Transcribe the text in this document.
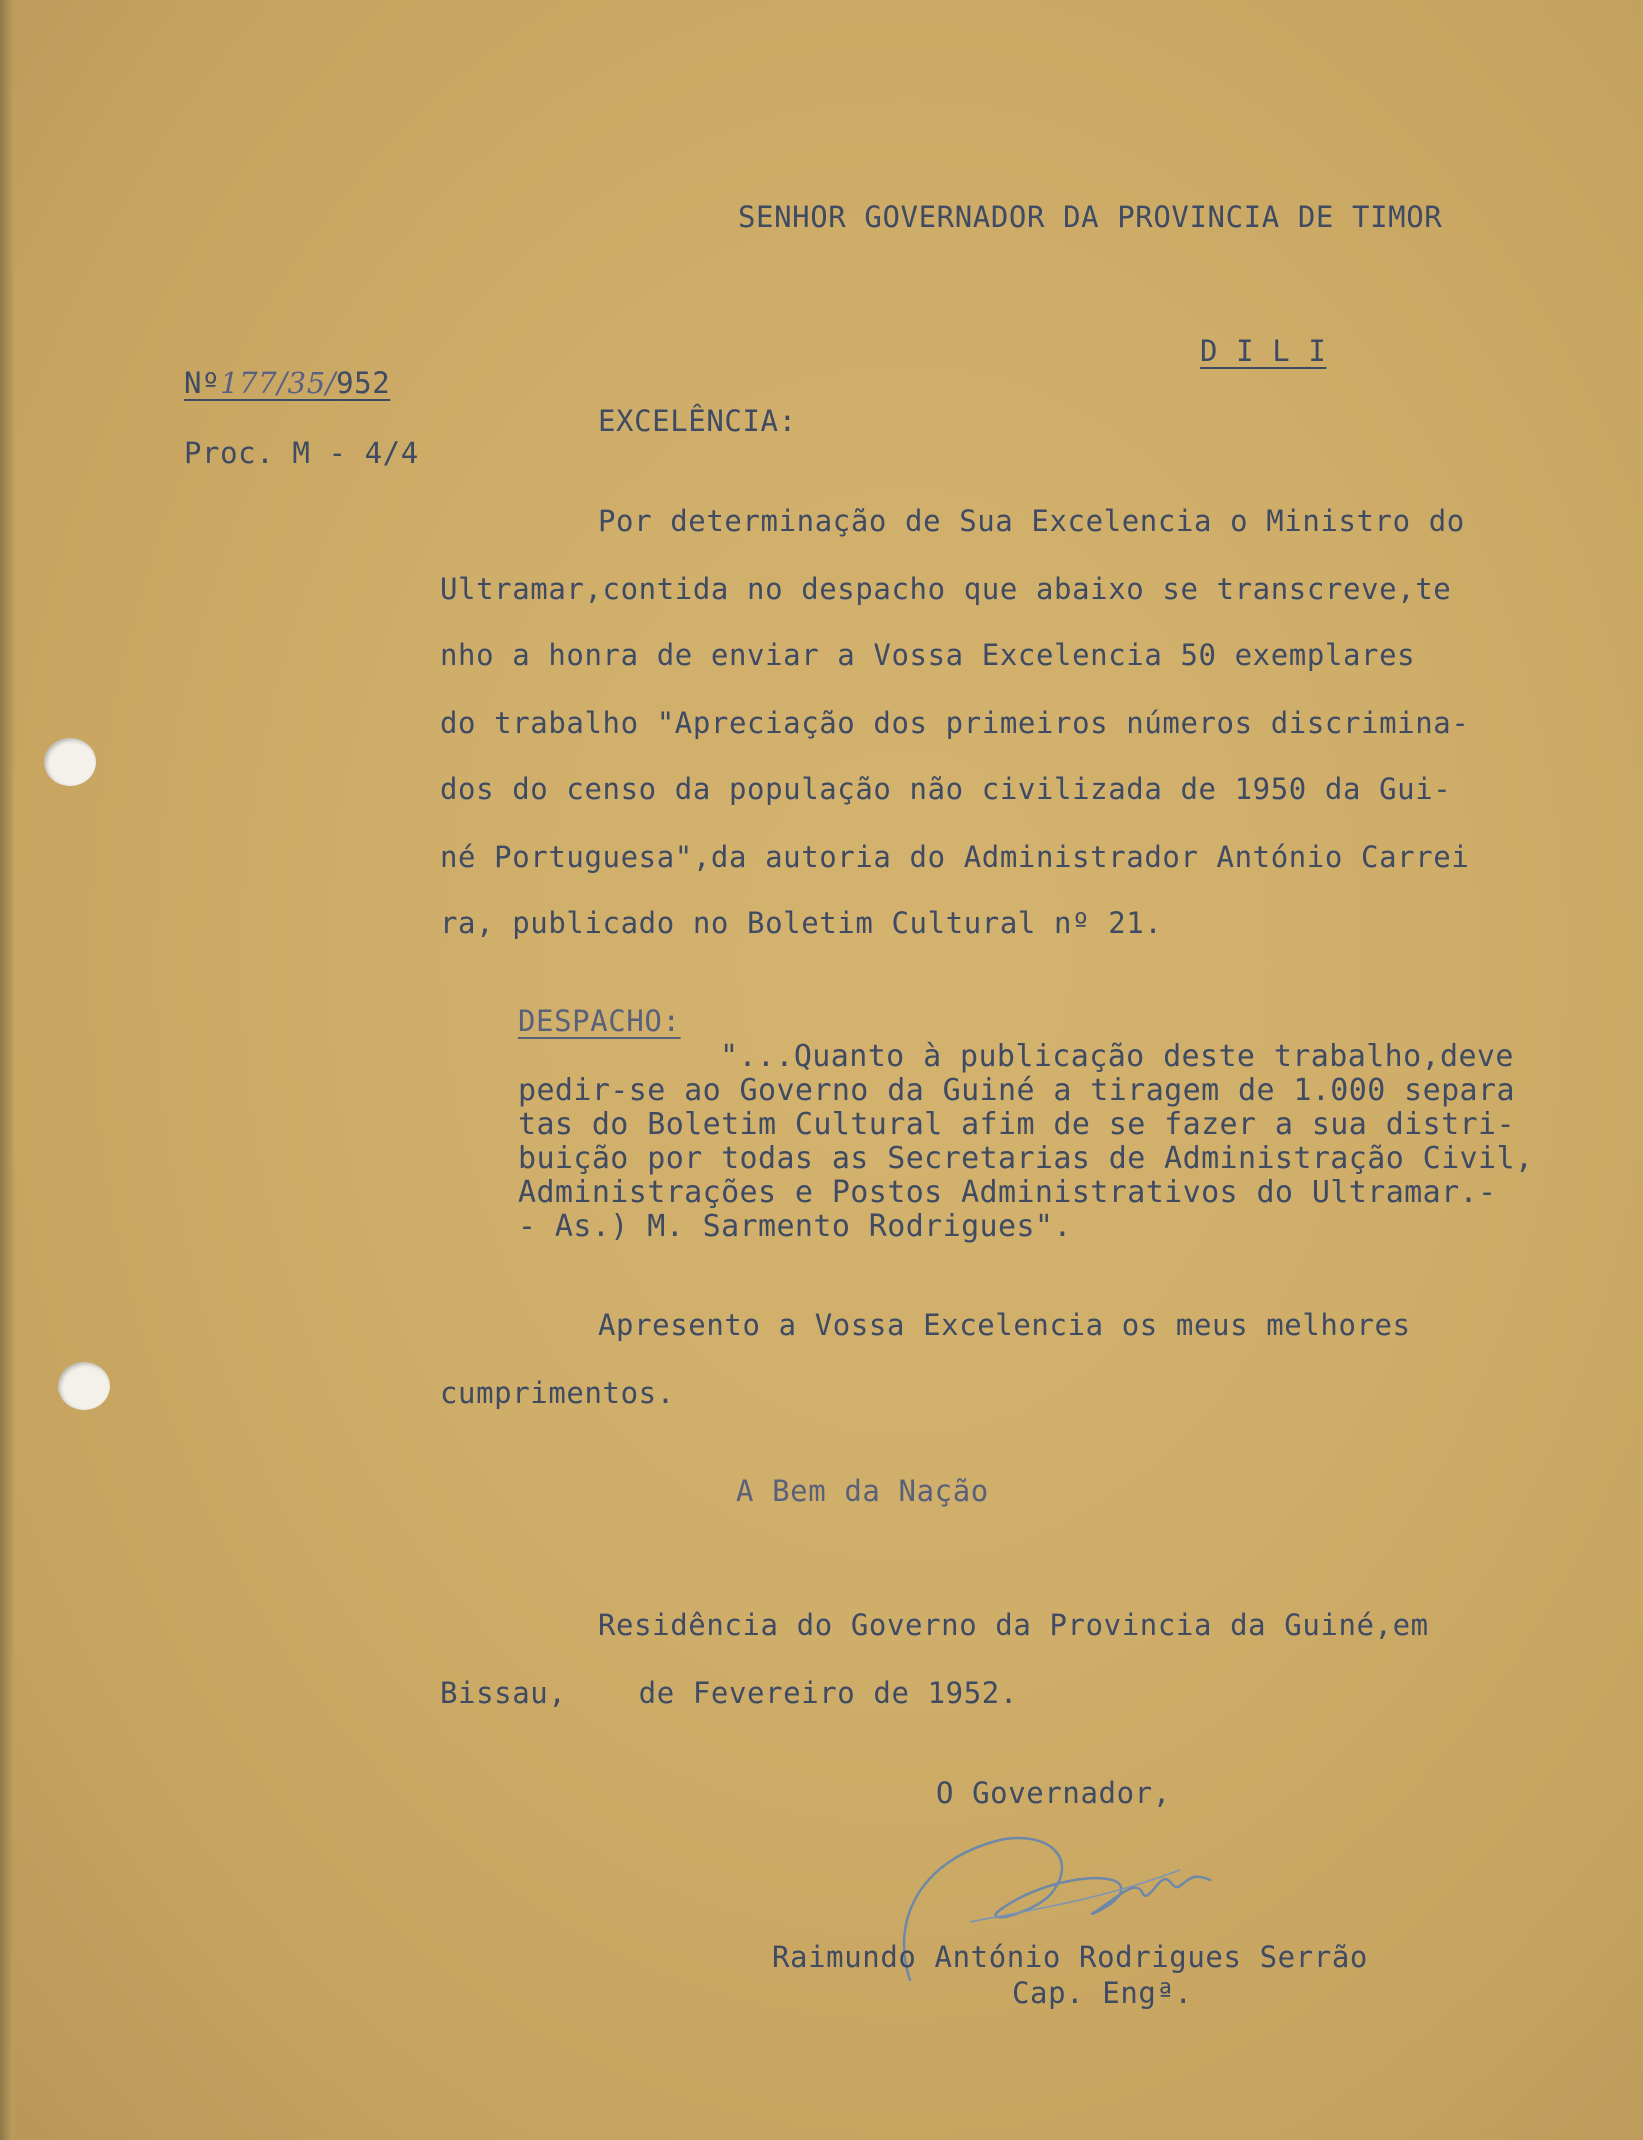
SENHOR GOVERNADOR DA PROVINCIA DE TIMOR
D I L I
Nº177/35/952
Proc. M - 4/4
EXCELÊNCIA:
Por determinação de Sua Excelencia o Ministro do
Ultramar,contida no despacho que abaixo se transcreve,te
nho a honra de enviar a Vossa Excelencia 50 exemplares
do trabalho "Apreciação dos primeiros números discrimina-
dos do censo da população não civilizada de 1950 da Gui-
né Portuguesa",da autoria do Administrador António Carrei
ra, publicado no Boletim Cultural nº 21.
DESPACHO:
"...Quanto à publicação deste trabalho,deve
pedir-se ao Governo da Guiné a tiragem de 1.000 separa
tas do Boletim Cultural afim de se fazer a sua distri-
buição por todas as Secretarias de Administração Civil,
Administrações e Postos Administrativos do Ultramar.-
- As.) M. Sarmento Rodrigues".
Apresento a Vossa Excelencia os meus melhores
cumprimentos.
A Bem da Nação
Residência do Governo da Provincia da Guiné,em
Bissau,    de Fevereiro de 1952.
O Governador,
Raimundo António Rodrigues Serrão
Cap. Engª.
